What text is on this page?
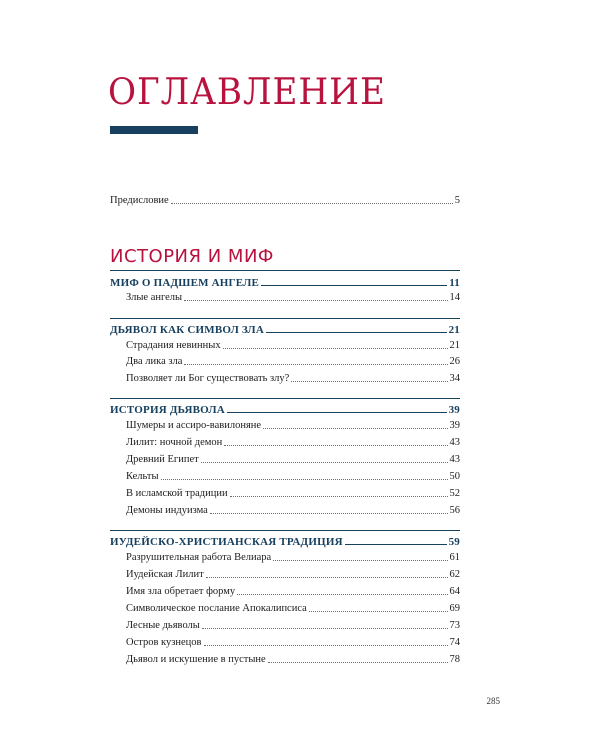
ОГЛАВЛЕНИЕ
Предисловие	5
ИСТОРИЯ И МИФ
МИФ О ПАДШЕМ АНГЕЛЕ	11
Злые ангелы	14
ДЬЯВОЛ КАК СИМВОЛ ЗЛА	21
Страдания невинных	21
Два лика зла	26
Позволяет ли Бог существовать злу?	34
ИСТОРИЯ ДЬЯВОЛА	39
Шумеры и ассиро-вавилоняне	39
Лилит: ночной демон	43
Древний Египет	43
Кельты	50
В исламской традиции	52
Демоны индуизма	56
ИУДЕЙСКО-ХРИСТИАНСКАЯ ТРАДИЦИЯ	59
Разрушительная работа Велиара	61
Иудейская Лилит	62
Имя зла обретает форму	64
Символическое послание Апокалипсиса	69
Лесные дьяволы	73
Остров кузнецов	74
Дьявол и искушение в пустыне	78
285
